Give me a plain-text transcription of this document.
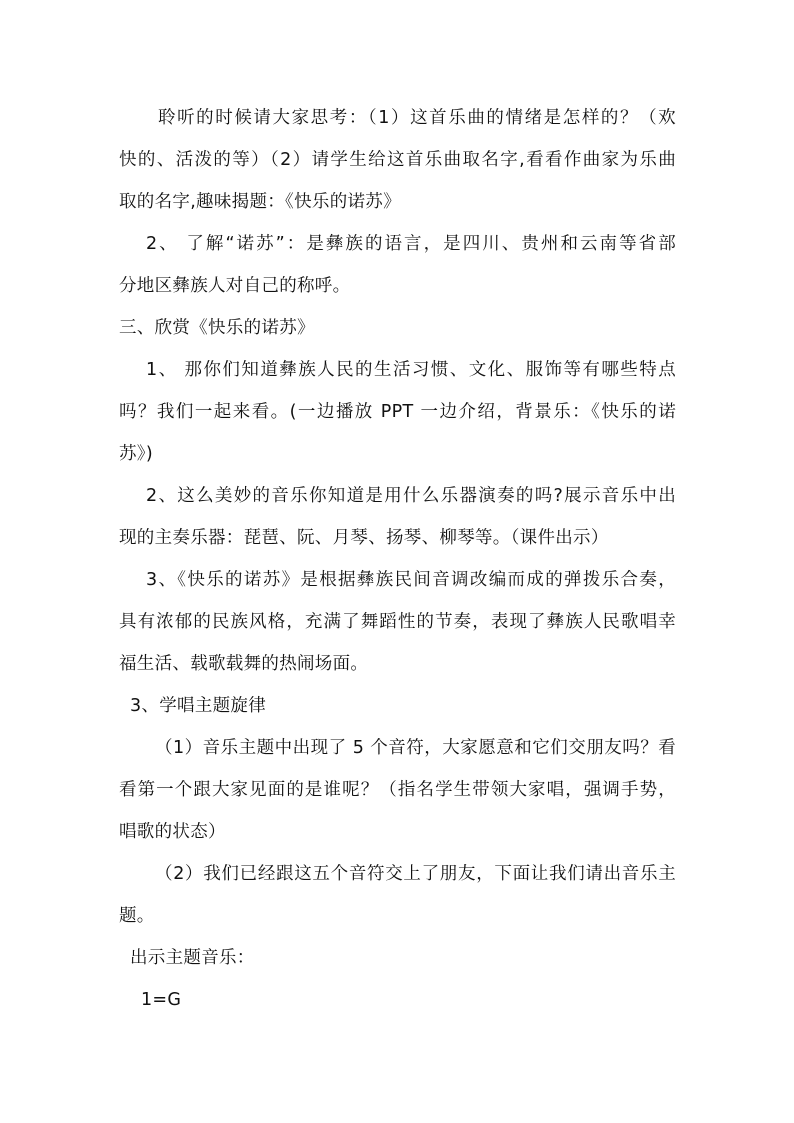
聆听的时候请大家思考：（1）这首乐曲的情绪是怎样的？（欢
快的、活泼的等）（2）请学生给这首乐曲取名字,看看作曲家为乐曲
取的名字,趣味揭题：《快乐的诺苏》
2、 了解“诺苏”：是彝族的语言，是四川、贵州和云南等省部
分地区彝族人对自己的称呼。
三、欣赏《快乐的诺苏》
1、 那你们知道彝族人民的生活习惯、文化、服饰等有哪些特点
吗？我们一起来看。(一边播放 PPT 一边介绍，背景乐：《快乐的诺
苏》)
2、这么美妙的音乐你知道是用什么乐器演奏的吗?展示音乐中出
现的主奏乐器：琵琶、阮、月琴、扬琴、柳琴等。（课件出示）
3、《快乐的诺苏》是根据彝族民间音调改编而成的弹拨乐合奏，
具有浓郁的民族风格，充满了舞蹈性的节奏，表现了彝族人民歌唱幸
福生活、载歌载舞的热闹场面。
3、学唱主题旋律
（1）音乐主题中出现了 5 个音符，大家愿意和它们交朋友吗？看
看第一个跟大家见面的是谁呢？（指名学生带领大家唱，强调手势，
唱歌的状态）
（2）我们已经跟这五个音符交上了朋友，下面让我们请出音乐主
题。
出示主题音乐：
1=G
